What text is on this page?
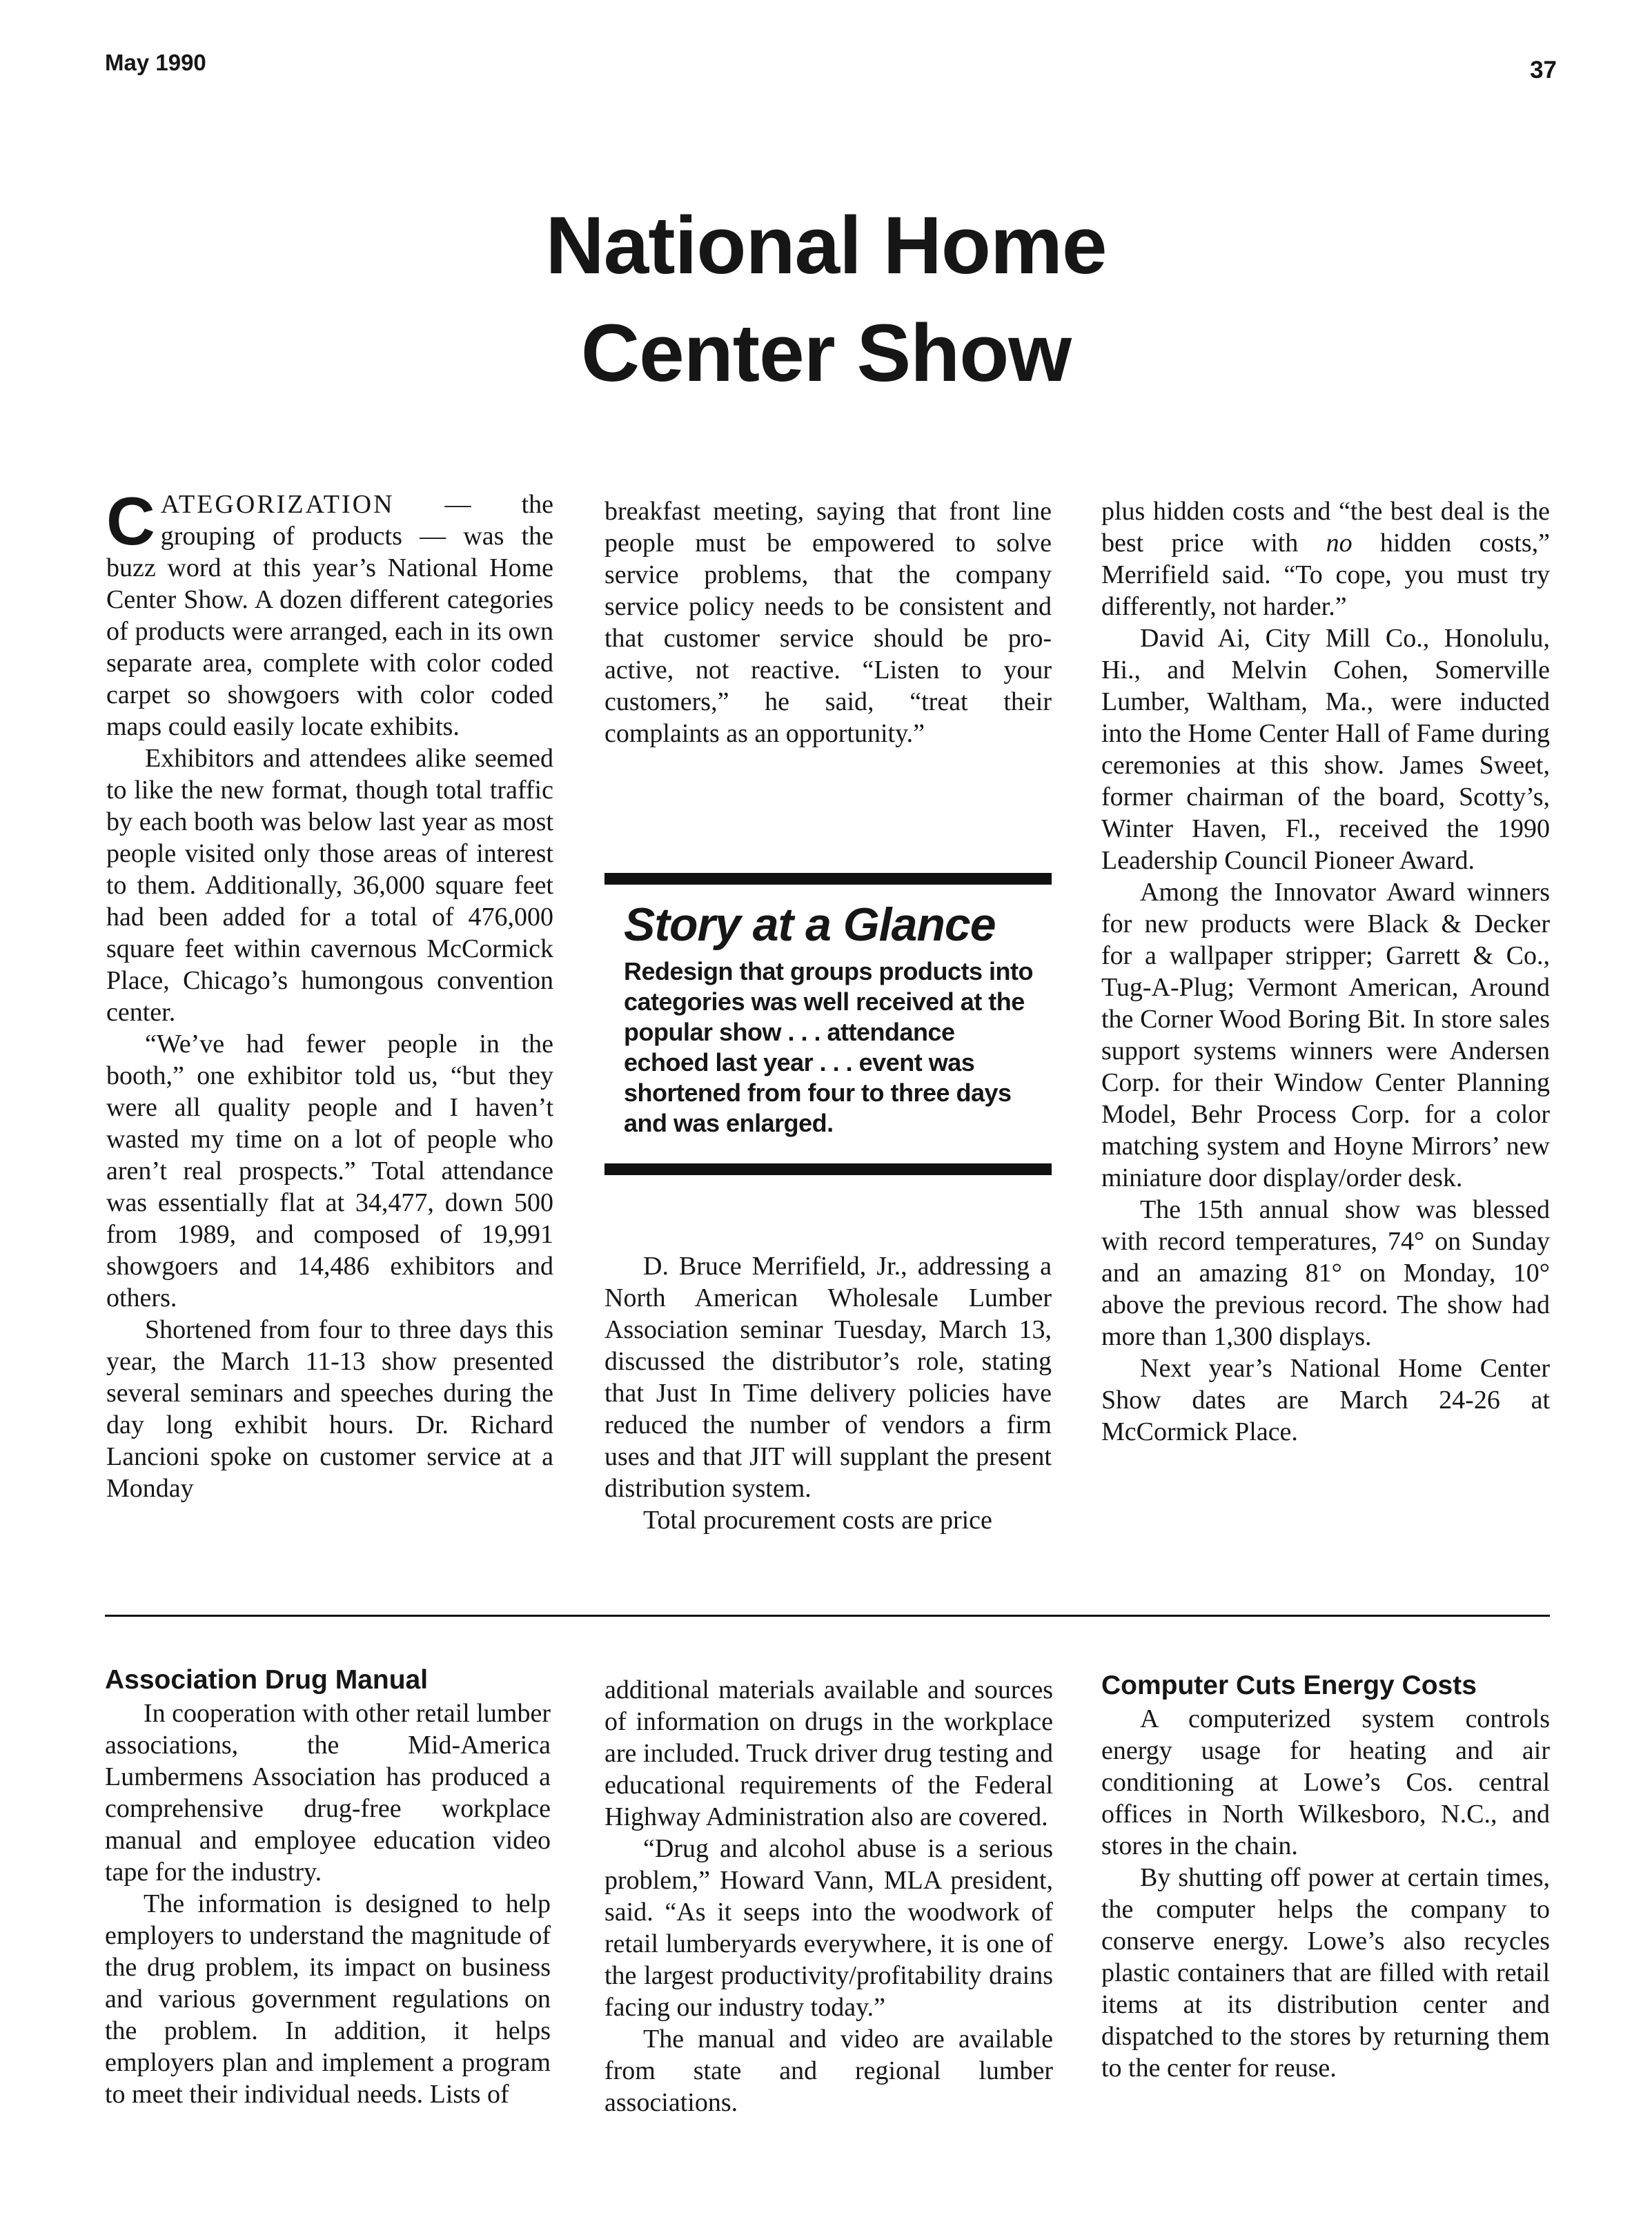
May 1990	37
National Home
Center Show

CATEGORIZATION — the grouping of products — was the buzz word at this year’s National Home Center Show. A dozen different categories of products were arranged, each in its own separate area, complete with color coded carpet so showgoers with color coded maps could easily locate exhibits.

Exhibitors and attendees alike seemed to like the new format, though total traffic by each booth was below last year as most people visited only those areas of interest to them. Additionally, 36,000 square feet had been added for a total of 476,000 square feet within cavernous McCormick Place, Chicago’s humongous convention center.

“We’ve had fewer people in the booth,” one exhibitor told us, “but they were all quality people and I haven’t wasted my time on a lot of people who aren’t real prospects.” Total attendance was essentially flat at 34,477, down 500 from 1989, and composed of 19,991 showgoers and 14,486 exhibitors and others.

Shortened from four to three days this year, the March 11-13 show presented several seminars and speeches during the day long exhibit hours. Dr. Richard Lancioni spoke on customer service at a Monday

breakfast meeting, saying that front line people must be empowered to solve service problems, that the company service policy needs to be consistent and that customer service should be pro-active, not reactive. “Listen to your customers,” he said, “treat their complaints as an opportunity.”

Story at a Glance

Redesign that groups products into categories was well received at the popular show . . . attendance echoed last year . . . event was shortened from four to three days and was enlarged.

D. Bruce Merrifield, Jr., addressing a North American Wholesale Lumber Association seminar Tuesday, March 13, discussed the distributor’s role, stating that Just In Time delivery policies have reduced the number of vendors a firm uses and that JIT will supplant the present distribution system.

Total procurement costs are price

plus hidden costs and “the best deal is the best price with no hidden costs,” Merrifield said. “To cope, you must try differently, not harder.”

David Ai, City Mill Co., Honolulu, Hi., and Melvin Cohen, Somerville Lumber, Waltham, Ma., were inducted into the Home Center Hall of Fame during ceremonies at this show. James Sweet, former chairman of the board, Scotty’s, Winter Haven, Fl., received the 1990 Leadership Council Pioneer Award.

Among the Innovator Award winners for new products were Black & Decker for a wallpaper stripper; Garrett & Co., Tug-A-Plug; Vermont American, Around the Corner Wood Boring Bit. In store sales support systems winners were Andersen Corp. for their Window Center Planning Model, Behr Process Corp. for a color matching system and Hoyne Mirrors’ new miniature door display/order desk.

The 15th annual show was blessed with record temperatures, 74° on Sunday and an amazing 81° on Monday, 10° above the previous record. The show had more than 1,300 displays.

Next year’s National Home Center Show dates are March 24-26 at McCormick Place.

Association Drug Manual

In cooperation with other retail lumber associations, the Mid-America Lumbermens Association has produced a comprehensive drug-free workplace manual and employee education video tape for the industry.

The information is designed to help employers to understand the magnitude of the drug problem, its impact on business and various government regulations on the problem. In addition, it helps employers plan and implement a program to meet their individual needs. Lists of

additional materials available and sources of information on drugs in the workplace are included. Truck driver drug testing and educational requirements of the Federal Highway Administration also are covered.

“Drug and alcohol abuse is a serious problem,” Howard Vann, MLA president, said. “As it seeps into the woodwork of retail lumberyards everywhere, it is one of the largest productivity/profitability drains facing our industry today.”

The manual and video are available from state and regional lumber associations.

Computer Cuts Energy Costs

A computerized system controls energy usage for heating and air conditioning at Lowe’s Cos. central offices in North Wilkesboro, N.C., and stores in the chain.

By shutting off power at certain times, the computer helps the company to conserve energy. Lowe’s also recycles plastic containers that are filled with retail items at its distribution center and dispatched to the stores by returning them to the center for reuse.
